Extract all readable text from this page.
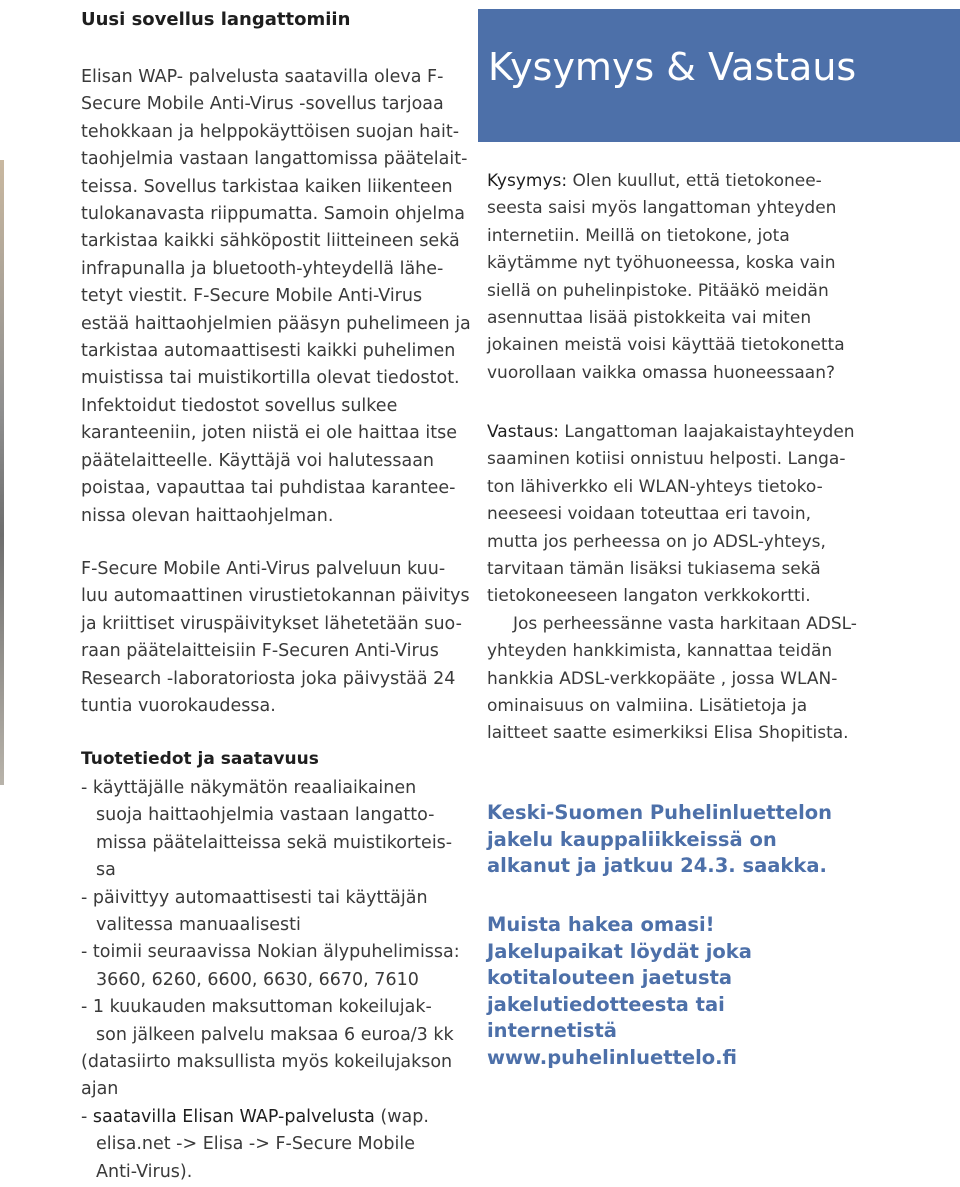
Uusi sovellus langattomiin
Elisan WAP- palvelusta saatavilla oleva F-
Secure Mobile Anti-Virus -sovellus tarjoaa
tehokkaan ja helppokäyttöisen suojan hait-
taohjelmia vastaan langattomissa päätelait-
teissa. Sovellus tarkistaa kaiken liikenteen
tulokanavasta riippumatta. Samoin ohjelma
tarkistaa kaikki sähköpostit liitteineen sekä
infrapunalla ja bluetooth-yhteydellä lähe-
tetyt viestit. F-Secure Mobile Anti-Virus
estää haittaohjelmien pääsyn puhelimeen ja
tarkistaa automaattisesti kaikki puhelimen
muistissa tai muistikortilla olevat tiedostot.
Infektoidut tiedostot sovellus sulkee
karanteeniin, joten niistä ei ole haittaa itse
päätelaitteelle. Käyttäjä voi halutessaan
poistaa, vapauttaa tai puhdistaa karantee-
nissa olevan haittaohjelman.
F-Secure Mobile Anti-Virus palveluun kuu-
luu automaattinen virustietokannan päivitys
ja kriittiset viruspäivitykset lähetetään suo-
raan päätelaitteisiin F-Securen Anti-Virus
Research -laboratoriosta joka päivystää 24
tuntia vuorokaudessa.
Tuotetiedot ja saatavuus
- käyttäjälle näkymätön reaaliaikainen
suoja haittaohjelmia vastaan langatto-
missa päätelaitteissa sekä muistikorteis-
sa
- päivittyy automaattisesti tai käyttäjän
valitessa manuaalisesti
- toimii seuraavissa Nokian älypuhelimissa:
3660, 6260, 6600, 6630, 6670, 7610
- 1 kuukauden maksuttoman kokeilujak-
son jälkeen palvelu maksaa 6 euroa/3 kk
(datasiirto maksullista myös kokeilujakson
ajan
- saatavilla Elisan WAP-palvelusta (wap.
elisa.net -> Elisa -> F-Secure Mobile
Anti-Virus).
Kysymys & Vastaus
Kysymys: Olen kuullut, että tietokonee-
seesta saisi myös langattoman yhteyden
internetiin. Meillä on tietokone, jota
käytämme nyt työhuoneessa, koska vain
siellä on puhelinpistoke. Pitääkö meidän
asennuttaa lisää pistokkeita vai miten
jokainen meistä voisi käyttää tietokonetta
vuorollaan vaikka omassa huoneessaan?
Vastaus: Langattoman laajakaistayhteyden
saaminen kotiisi onnistuu helposti. Langa-
ton lähiverkko eli WLAN-yhteys tietoko-
neeseesi voidaan toteuttaa eri tavoin,
mutta jos perheessa on jo ADSL-yhteys,
tarvitaan tämän lisäksi tukiasema sekä
tietokoneeseen langaton verkkokortti.
Jos perheessänne vasta harkitaan ADSL-
yhteyden hankkimista, kannattaa teidän
hankkia ADSL-verkkopäätе , jossa WLAN-
ominaisuus on valmiina. Lisätietoja ja
laitteet saatte esimerkiksi Elisa Shopitista.
Keski-Suomen Puhelinluettelon
jakelu kauppaliikkeissä on
alkanut ja jatkuu 24.3. saakka.
Muista hakea omasi!
Jakelupaikat löydät joka
kotitalouteen jaetusta
jakelutiedotteesta tai
internetistä
www.puhelinluettelo.fi
